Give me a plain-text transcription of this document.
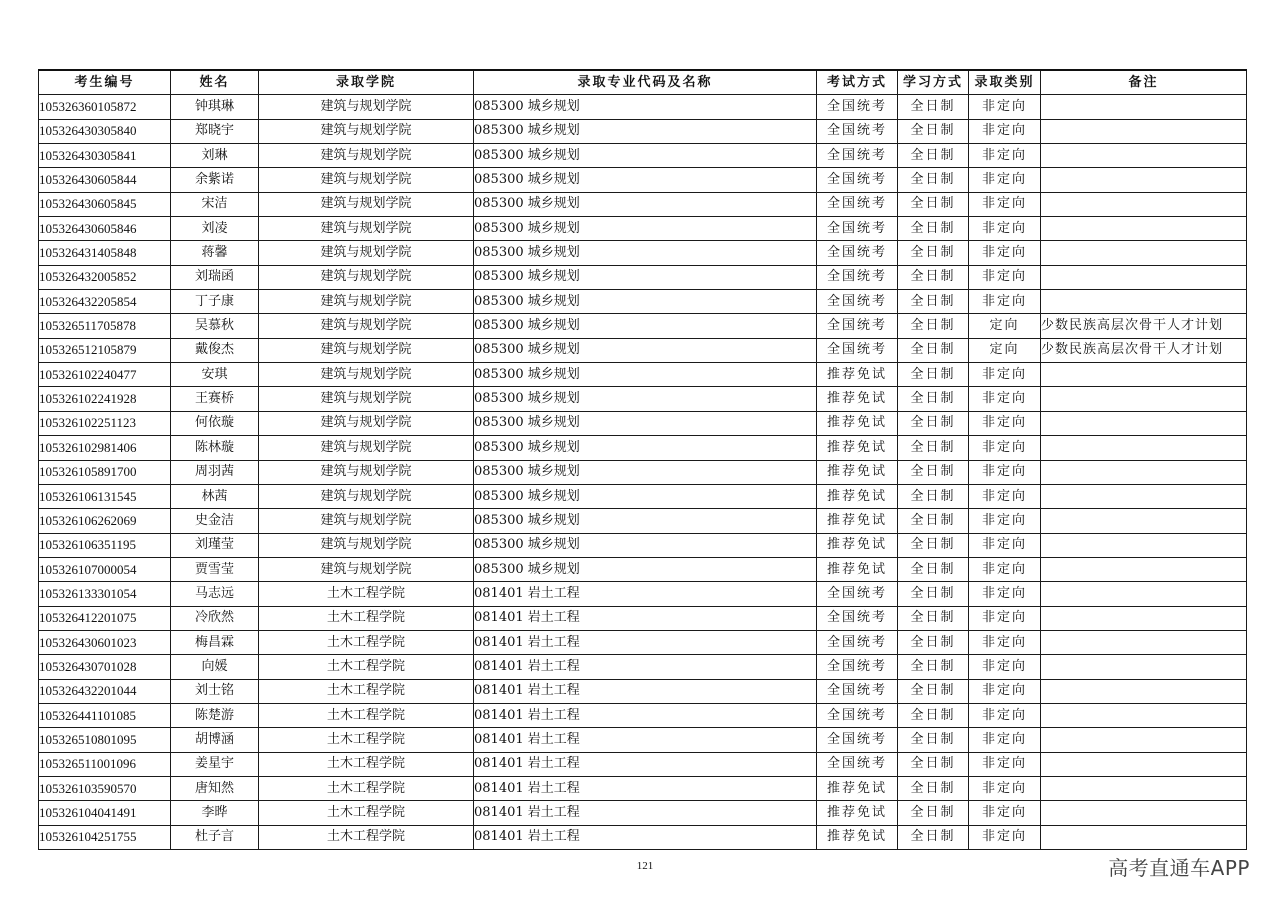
考生编号	姓名	录取学院	录取专业代码及名称	考试方式	学习方式	录取类别	备注
105326360105872	钟琪琳	建筑与规划学院	085300 城乡规划	全国统考	全日制	非定向	
105326430305840	郑晓宇	建筑与规划学院	085300 城乡规划	全国统考	全日制	非定向	
105326430305841	刘琳	建筑与规划学院	085300 城乡规划	全国统考	全日制	非定向	
105326430605844	余紫诺	建筑与规划学院	085300 城乡规划	全国统考	全日制	非定向	
105326430605845	宋洁	建筑与规划学院	085300 城乡规划	全国统考	全日制	非定向	
105326430605846	刘凌	建筑与规划学院	085300 城乡规划	全国统考	全日制	非定向	
105326431405848	蒋馨	建筑与规划学院	085300 城乡规划	全国统考	全日制	非定向	
105326432005852	刘瑞函	建筑与规划学院	085300 城乡规划	全国统考	全日制	非定向	
105326432205854	丁子康	建筑与规划学院	085300 城乡规划	全国统考	全日制	非定向	
105326511705878	吴慕秋	建筑与规划学院	085300 城乡规划	全国统考	全日制	定向	少数民族高层次骨干人才计划
105326512105879	戴俊杰	建筑与规划学院	085300 城乡规划	全国统考	全日制	定向	少数民族高层次骨干人才计划
105326102240477	安琪	建筑与规划学院	085300 城乡规划	推荐免试	全日制	非定向	
105326102241928	王赛桥	建筑与规划学院	085300 城乡规划	推荐免试	全日制	非定向	
105326102251123	何依璇	建筑与规划学院	085300 城乡规划	推荐免试	全日制	非定向	
105326102981406	陈林璇	建筑与规划学院	085300 城乡规划	推荐免试	全日制	非定向	
105326105891700	周羽茜	建筑与规划学院	085300 城乡规划	推荐免试	全日制	非定向	
105326106131545	林茜	建筑与规划学院	085300 城乡规划	推荐免试	全日制	非定向	
105326106262069	史金洁	建筑与规划学院	085300 城乡规划	推荐免试	全日制	非定向	
105326106351195	刘瑾莹	建筑与规划学院	085300 城乡规划	推荐免试	全日制	非定向	
105326107000054	贾雪莹	建筑与规划学院	085300 城乡规划	推荐免试	全日制	非定向	
105326133301054	马志远	土木工程学院	081401 岩土工程	全国统考	全日制	非定向	
105326412201075	冷欣然	土木工程学院	081401 岩土工程	全国统考	全日制	非定向	
105326430601023	梅昌霖	土木工程学院	081401 岩土工程	全国统考	全日制	非定向	
105326430701028	向媛	土木工程学院	081401 岩土工程	全国统考	全日制	非定向	
105326432201044	刘士铭	土木工程学院	081401 岩土工程	全国统考	全日制	非定向	
105326441101085	陈楚游	土木工程学院	081401 岩土工程	全国统考	全日制	非定向	
105326510801095	胡博涵	土木工程学院	081401 岩土工程	全国统考	全日制	非定向	
105326511001096	姜星宇	土木工程学院	081401 岩土工程	全国统考	全日制	非定向	
105326103590570	唐知然	土木工程学院	081401 岩土工程	推荐免试	全日制	非定向	
105326104041491	李晔	土木工程学院	081401 岩土工程	推荐免试	全日制	非定向	
105326104251755	杜子言	土木工程学院	081401 岩土工程	推荐免试	全日制	非定向	
121	高考直通车APP
